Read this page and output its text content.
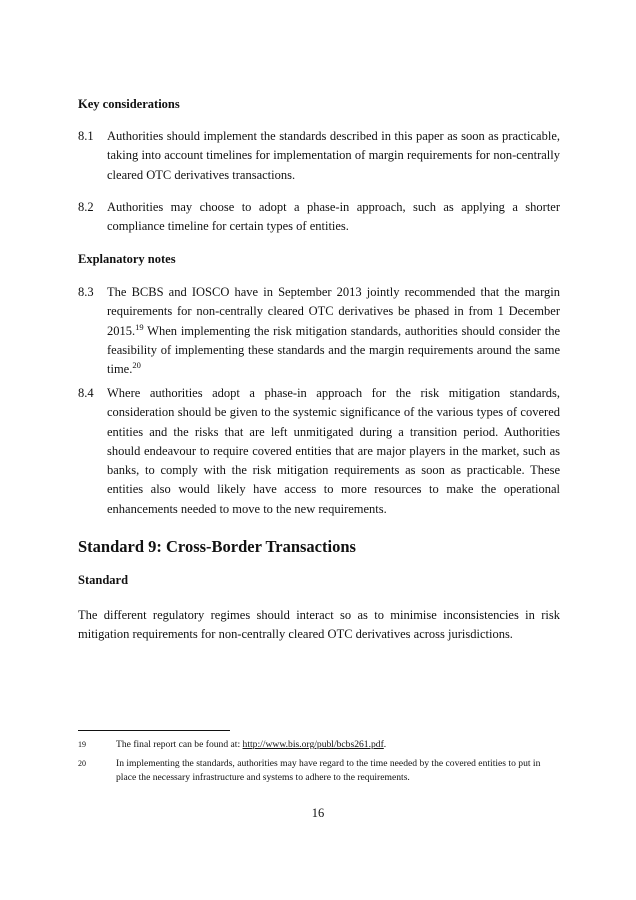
Key considerations
8.1 Authorities should implement the standards described in this paper as soon as practicable, taking into account timelines for implementation of margin requirements for non-centrally cleared OTC derivatives transactions.
8.2 Authorities may choose to adopt a phase-in approach, such as applying a shorter compliance timeline for certain types of entities.
Explanatory notes
8.3 The BCBS and IOSCO have in September 2013 jointly recommended that the margin requirements for non-centrally cleared OTC derivatives be phased in from 1 December 2015.19 When implementing the risk mitigation standards, authorities should consider the feasibility of implementing these standards and the margin requirements around the same time.$^{20}$
8.4 Where authorities adopt a phase-in approach for the risk mitigation standards, consideration should be given to the systemic significance of the various types of covered entities and the risks that are left unmitigated during a transition period. Authorities should endeavour to require covered entities that are major players in the market, such as banks, to comply with the risk mitigation requirements as soon as practicable. These entities also would likely have access to more resources to make the operational enhancements needed to move to the new requirements.
Standard 9: Cross-Border Transactions
Standard
The different regulatory regimes should interact so as to minimise inconsistencies in risk mitigation requirements for non-centrally cleared OTC derivatives across jurisdictions.
19	The final report can be found at: http://www.bis.org/publ/bcbs261.pdf.
20	In implementing the standards, authorities may have regard to the time needed by the covered entities to put in place the necessary infrastructure and systems to adhere to the requirements.
16
